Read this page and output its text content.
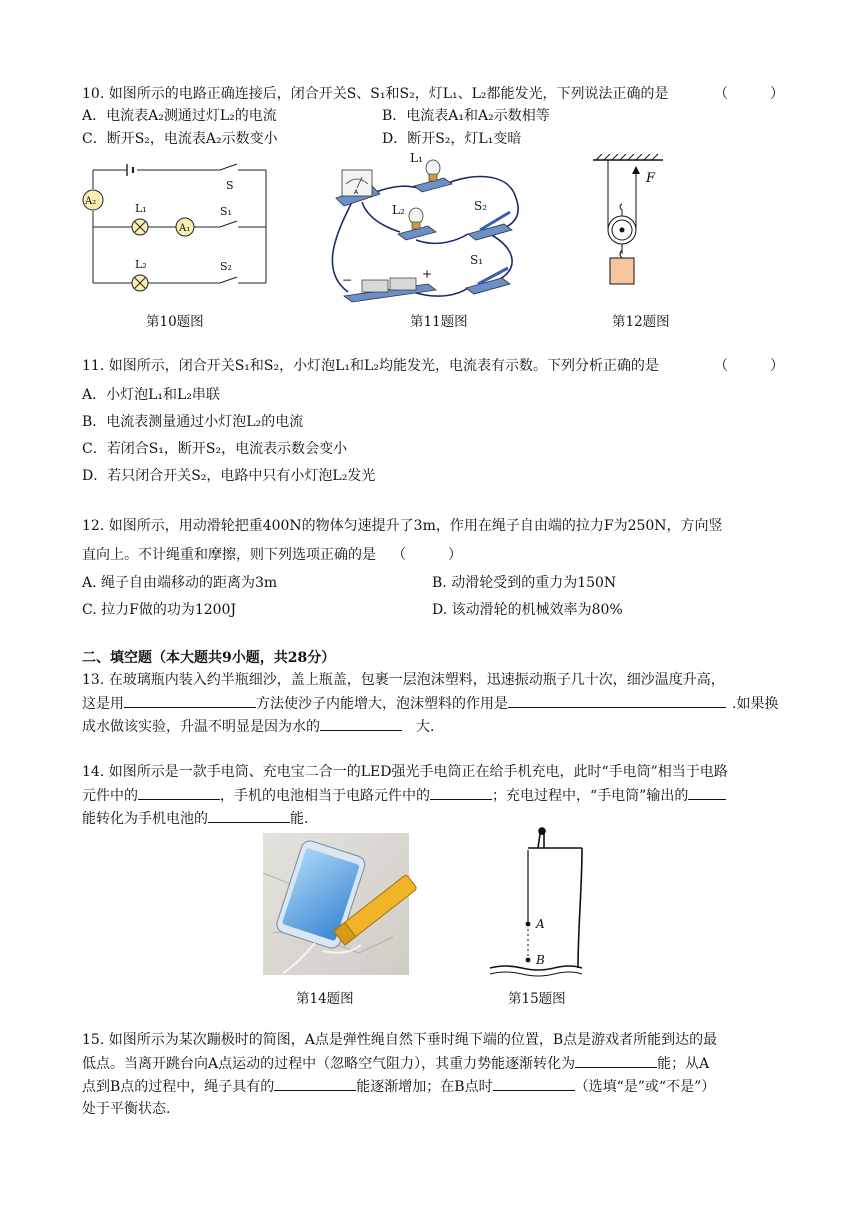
10. 如图所示的电路正确连接后，闭合开关S、S₁和S₂，灯L₁、L₂都能发光，下列说法正确的是	（　　　）
A．电流表A₂测通过灯L₂的电流	B．电流表A₁和A₂示数相等
C．断开S₂，电流表A₂示数变小	D．断开S₂，灯L₁变暗
A₂
A₁
S
S₁
S₂
L₁
L₂
第10题图
A
L₁
L₂	S₂
S₁
−	+
第11题图
F
第12题图
11. 如图所示，闭合开关S₁和S₂，小灯泡L₁和L₂均能发光，电流表有示数。下列分析正确的是	（　　　）
A．小灯泡L₁和L₂串联
B．电流表测量通过小灯泡L₂的电流
C．若闭合S₁，断开S₂，电流表示数会变小
D．若只闭合开关S₂，电路中只有小灯泡L₂发光
12. 如图所示，用动滑轮把重400N的物体匀速提升了3m，作用在绳子自由端的拉力F为250N，方向竖
直向上。不计绳重和摩擦，则下列选项正确的是 （　　　）
A. 绳子自由端移动的距离为3m	B. 动滑轮受到的重力为150N
C. 拉力F做的功为1200J	D. 该动滑轮的机械效率为80%
二、填空题（本大题共9小题，共28分）
13. 在玻璃瓶内装入约半瓶细沙，盖上瓶盖，包裹一层泡沫塑料，迅速振动瓶子几十次，细沙温度升高，
这是用	方法使沙子内能增大，泡沫塑料的作用是	.如果换
成水做该实验，升温不明显是因为水的	大.
14. 如图所示是一款手电筒、充电宝二合一的LED强光手电筒正在给手机充电，此时“手电筒”相当于电路
元件中的	，手机的电池相当于电路元件中的	；充电过程中，“手电筒”输出的
能转化为手机电池的	能.
第14题图
A
B
第15题图
15. 如图所示为某次蹦极时的简图，A点是弹性绳自然下垂时绳下端的位置，B点是游戏者所能到达的最
低点。当离开跳台向A点运动的过程中（忽略空气阻力），其重力势能逐渐转化为	能；从A
点到B点的过程中，绳子具有的	能逐渐增加；在B点时	（选填“是”或“不是”）
处于平衡状态.
